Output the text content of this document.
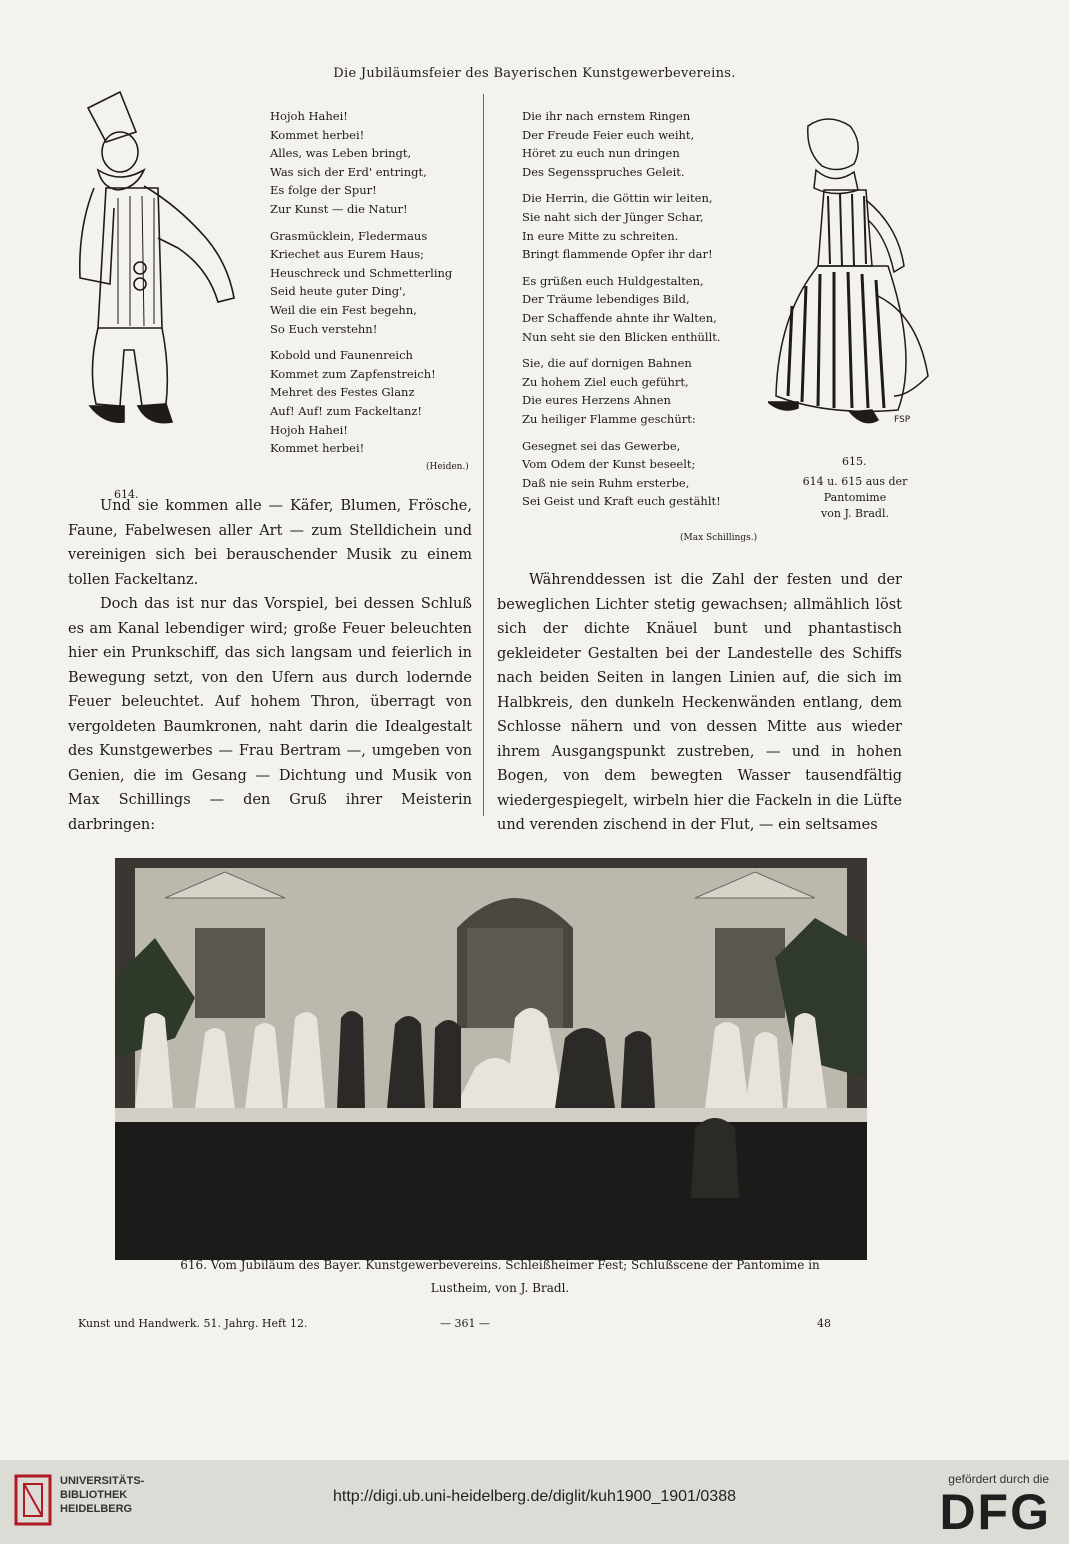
Die Jubiläumsfeier des Bayerischen Kunstgewerbevereins.
614.
Hojoh Hahei!
Kommet herbei!
Alles, was Leben bringt,
Was sich der Erd' entringt,
Es folge der Spur!
Zur Kunst — die Natur!
Grasmücklein, Fledermaus
Kriechet aus Eurem Haus;
Heuschreck und Schmetterling
Seid heute guter Ding',
Weil die ein Fest begehn,
So Euch verstehn!
Kobold und Faunenreich
Kommet zum Zapfenstreich!
Mehret des Festes Glanz
Auf! Auf! zum Fackeltanz!
Hojoh Hahei!
Kommet herbei!
(Heiden.)
Die ihr nach ernstem Ringen
Der Freude Feier euch weiht,
Höret zu euch nun dringen
Des Segensspruches Geleit.
Die Herrin, die Göttin wir leiten,
Sie naht sich der Jünger Schar,
In eure Mitte zu schreiten.
Bringt flammende Opfer ihr dar!
Es grüßen euch Huldgestalten,
Der Träume lebendiges Bild,
Der Schaffende ahnte ihr Walten,
Nun seht sie den Blicken enthüllt.
Sie, die auf dornigen Bahnen
Zu hohem Ziel euch geführt,
Die eures Herzens Ahnen
Zu heiliger Flamme geschürt:
Gesegnet sei das Gewerbe,
Vom Odem der Kunst beseelt;
Daß nie sein Ruhm ersterbe,
Sei Geist und Kraft euch gestählt!
(Max Schillings.)
FSP
615.
614 u. 615 aus der
Pantomime
von J. Bradl.

Und sie kommen alle — Käfer, Blumen, Frösche, Faune, Fabelwesen aller Art — zum Stelldichein und vereinigen sich bei berauschender Musik zu einem tollen Fackeltanz.

Doch das ist nur das Vorspiel, bei dessen Schluß es am Kanal lebendiger wird; große Feuer beleuchten hier ein Prunkschiff, das sich langsam und feierlich in Bewegung setzt, von den Ufern aus durch lodernde Feuer beleuchtet. Auf hohem Thron, überragt von vergoldeten Baumkronen, naht darin die Idealgestalt des Kunstgewerbes — Frau Bertram —, umgeben von Genien, die im Gesang — Dichtung und Musik von Max Schillings — den Gruß ihrer Meisterin darbringen:

Währenddessen ist die Zahl der festen und der beweglichen Lichter stetig gewachsen; allmählich löst sich der dichte Knäuel bunt und phantastisch gekleideter Gestalten bei der Landestelle des Schiffs nach beiden Seiten in langen Linien auf, die sich im Halbkreis, den dunkeln Heckenwänden entlang, dem Schlosse nähern und von dessen Mitte aus wieder ihrem Ausgangspunkt zustreben, — und in hohen Bogen, von dem bewegten Wasser tausendfältig wiedergespiegelt, wirbeln hier die Fackeln in die Lüfte und verenden zischend in der Flut, — ein seltsames

616. Vom Jubiläum des Bayer. Kunstgewerbevereins. Schleißheimer Fest; Schlußscene der Pantomime in
Lustheim, von J. Bradl.
Kunst und Handwerk. 51. Jahrg. Heft 12.	— 361 —	48
UNIVERSITÄTS-
BIBLIOTHEK
HEIDELBERG
http://digi.ub.uni-heidelberg.de/diglit/kuh1900_1901/0388
gefördert durch die
DFG
